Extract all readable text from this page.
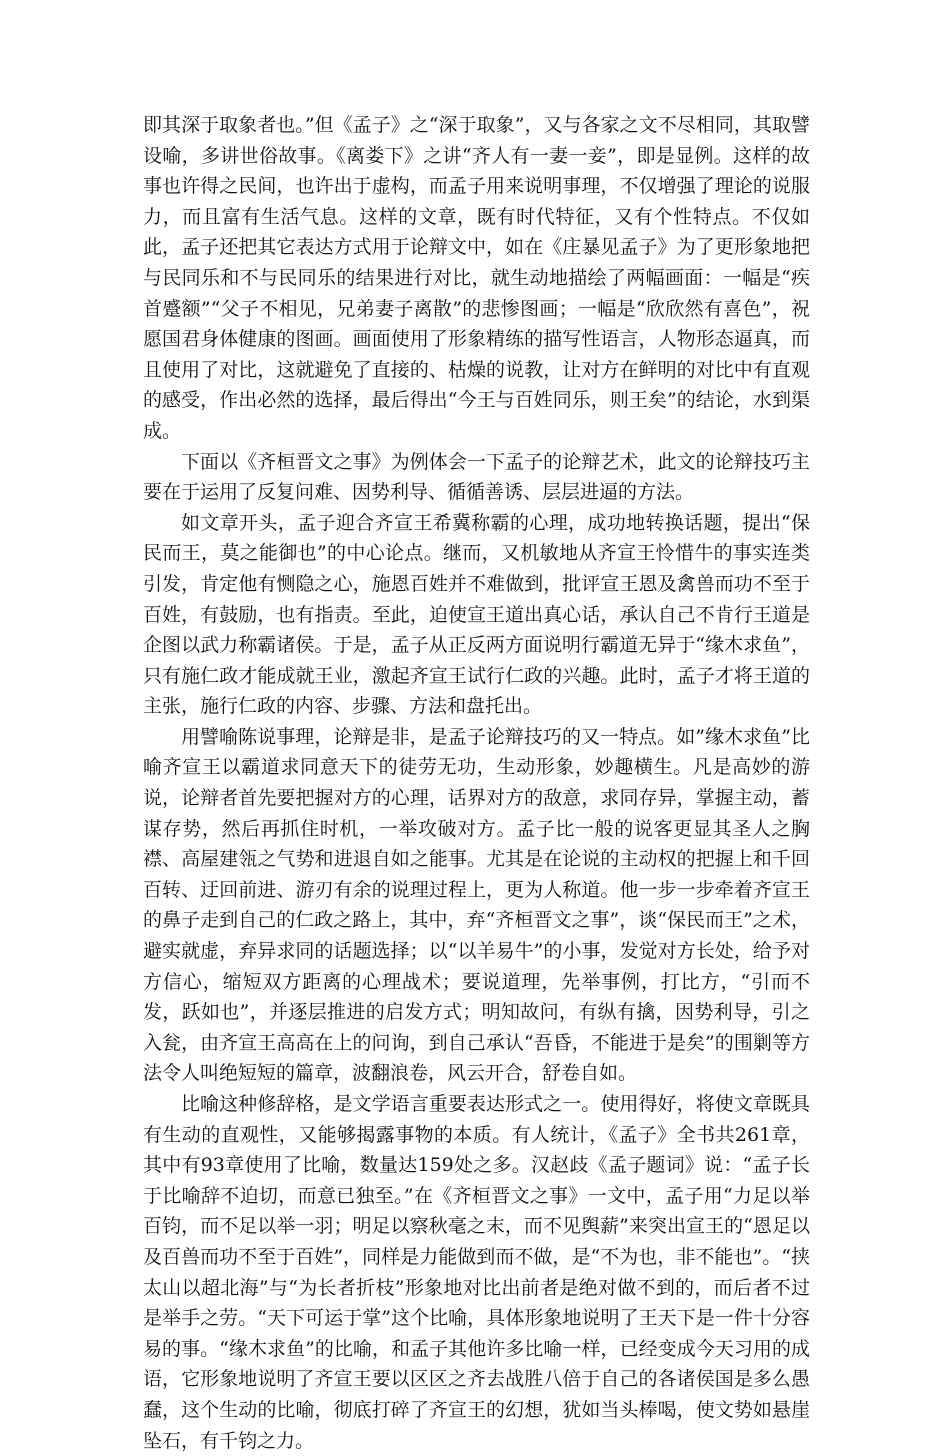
即其深于取象者也。”但《孟子》之“深于取象”，又与各家之文不尽相同，其取譬设喻，多讲世俗故事。《离娄下》之讲“齐人有一妻一妾”，即是显例。这样的故事也许得之民间，也许出于虚构，而孟子用来说明事理，不仅增强了理论的说服力，而且富有生活气息。这样的文章，既有时代特征，又有个性特点。不仅如此，孟子还把其它表达方式用于论辩文中，如在《庄暴见孟子》为了更形象地把与民同乐和不与民同乐的结果进行对比，就生动地描绘了两幅画面：一幅是“疾首蹙额”“父子不相见，兄弟妻子离散”的悲惨图画；一幅是“欣欣然有喜色”，祝愿国君身体健康的图画。画面使用了形象精练的描写性语言，人物形态逼真，而且使用了对比，这就避免了直接的、枯燥的说教，让对方在鲜明的对比中有直观的感受，作出必然的选择，最后得出“今王与百姓同乐，则王矣”的结论，水到渠成。

下面以《齐桓晋文之事》为例体会一下孟子的论辩艺术，此文的论辩技巧主要在于运用了反复问难、因势利导、循循善诱、层层进逼的方法。

如文章开头，孟子迎合齐宣王希冀称霸的心理，成功地转换话题，提出“保民而王，莫之能御也”的中心论点。继而，又机敏地从齐宣王怜惜牛的事实连类引发，肯定他有恻隐之心，施恩百姓并不难做到，批评宣王恩及禽兽而功不至于百姓，有鼓励，也有指责。至此，迫使宣王道出真心话，承认自己不肯行王道是企图以武力称霸诸侯。于是，孟子从正反两方面说明行霸道无异于“缘木求鱼”，只有施仁政才能成就王业，激起齐宣王试行仁政的兴趣。此时，孟子才将王道的主张，施行仁政的内容、步骤、方法和盘托出。

用譬喻陈说事理，论辩是非，是孟子论辩技巧的又一特点。如”缘木求鱼”比喻齐宣王以霸道求同意天下的徒劳无功，生动形象，妙趣横生。凡是高妙的游说，论辩者首先要把握对方的心理，话界对方的敌意，求同存异，掌握主动，蓄谋存势，然后再抓住时机，一举攻破对方。孟子比一般的说客更显其圣人之胸襟、高屋建瓴之气势和进退自如之能事。尤其是在论说的主动权的把握上和千回百转、迂回前进、游刃有余的说理过程上，更为人称道。他一步一步牵着齐宣王的鼻子走到自己的仁政之路上，其中，弃“齐桓晋文之事”，谈“保民而王”之术，避实就虚，弃异求同的话题选择；以“以羊易牛”的小事，发觉对方长处，给予对方信心，缩短双方距离的心理战术；要说道理，先举事例，打比方，“引而不发，跃如也”，并逐层推进的启发方式；明知故问，有纵有擒，因势利导，引之入瓮，由齐宣王高高在上的问询，到自己承认“吾昏，不能进于是矣”的围剿等方法令人叫绝短短的篇章，波翻浪卷，风云开合，舒卷自如。

比喻这种修辞格，是文学语言重要表达形式之一。使用得好，将使文章既具有生动的直观性，又能够揭露事物的本质。有人统计，《孟子》全书共261章，其中有93章使用了比喻，数量达159处之多。汉赵歧《孟子题词》说：“孟子长于比喻辞不迫切，而意已独至。”在《齐桓晋文之事》一文中，孟子用“力足以举百钧，而不足以举一羽；明足以察秋毫之末，而不见舆薪”来突出宣王的“恩足以及百兽而功不至于百姓”，同样是力能做到而不做，是“不为也，非不能也”。“挟太山以超北海”与“为长者折枝”形象地对比出前者是绝对做不到的，而后者不过是举手之劳。“天下可运于掌”这个比喻，具体形象地说明了王天下是一件十分容易的事。“缘木求鱼”的比喻，和孟子其他许多比喻一样，已经变成今天习用的成语，它形象地说明了齐宣王要以区区之齐去战胜八倍于自己的各诸侯国是多么愚蠢，这个生动的比喻，彻底打碎了齐宣王的幻想，犹如当头棒喝，使文势如悬崖坠石，有千钧之力。
